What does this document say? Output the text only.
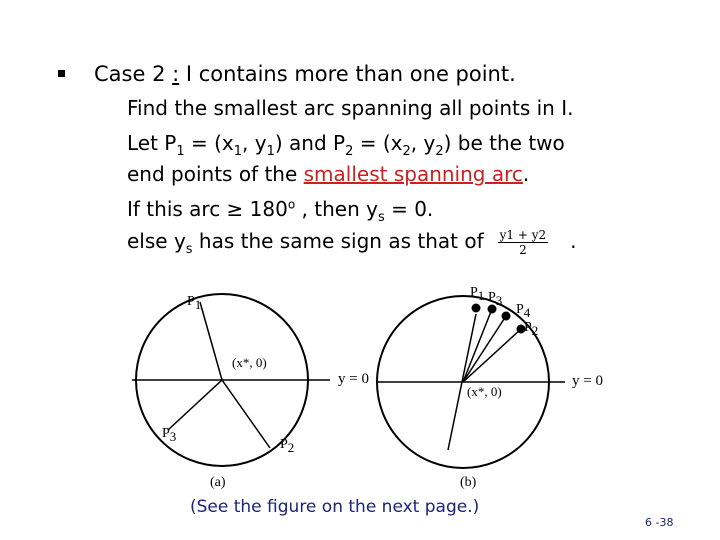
Case 2 : I contains more than one point.
Find the smallest arc spanning all points in I.
Let $P_1 = (x_1$, $y_1$) and $P_2 = (x_2$, $y_2$) be the two
end points of the smallest spanning arc.
If this arc ≥ $180^o$ , then $y_s = 0$.
else $y_s$ has the same sign as that of $\frac{y1 + y2}{2}$ .
$P_1$
(x*, 0)
y = 0
$P_3$
$P_2$
(a)
$P_1$ $P_3$
$P_4$
$P_2$
(x*, 0)
y = 0
(b)
(See the figure on the next page.)
6 -38
